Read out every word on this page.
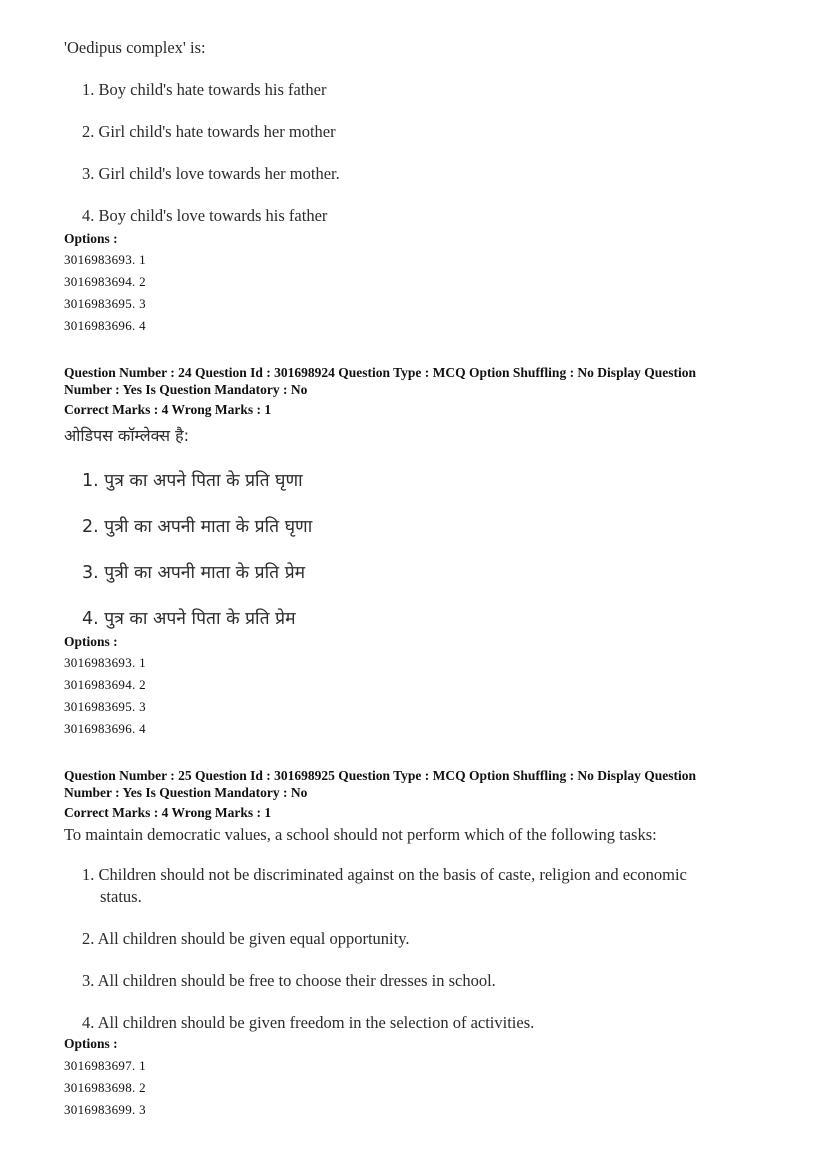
'Oedipus complex' is:
1. Boy child's hate towards his father
2. Girl child's hate towards her mother
3. Girl child's love towards her mother.
4. Boy child's love towards his father
Options :
3016983693. 1
3016983694. 2
3016983695. 3
3016983696. 4
Question Number : 24 Question Id : 301698924 Question Type : MCQ Option Shuffling : No Display Question
Number : Yes Is Question Mandatory : No
Correct Marks : 4 Wrong Marks : 1
ओडिपस कॉम्लेक्स है:
1. पुत्र का अपने पिता के प्रति घृणा
2. पुत्री का अपनी माता के प्रति घृणा
3. पुत्री का अपनी माता के प्रति प्रेम
4. पुत्र का अपने पिता के प्रति प्रेम
Options :
3016983693. 1
3016983694. 2
3016983695. 3
3016983696. 4
Question Number : 25 Question Id : 301698925 Question Type : MCQ Option Shuffling : No Display Question
Number : Yes Is Question Mandatory : No
Correct Marks : 4 Wrong Marks : 1
To maintain democratic values, a school should not perform which of the following tasks:
1. Children should not be discriminated against on the basis of caste, religion and economic
status.
2. All children should be given equal opportunity.
3. All children should be free to choose their dresses in school.
4. All children should be given freedom in the selection of activities.
Options :
3016983697. 1
3016983698. 2
3016983699. 3
